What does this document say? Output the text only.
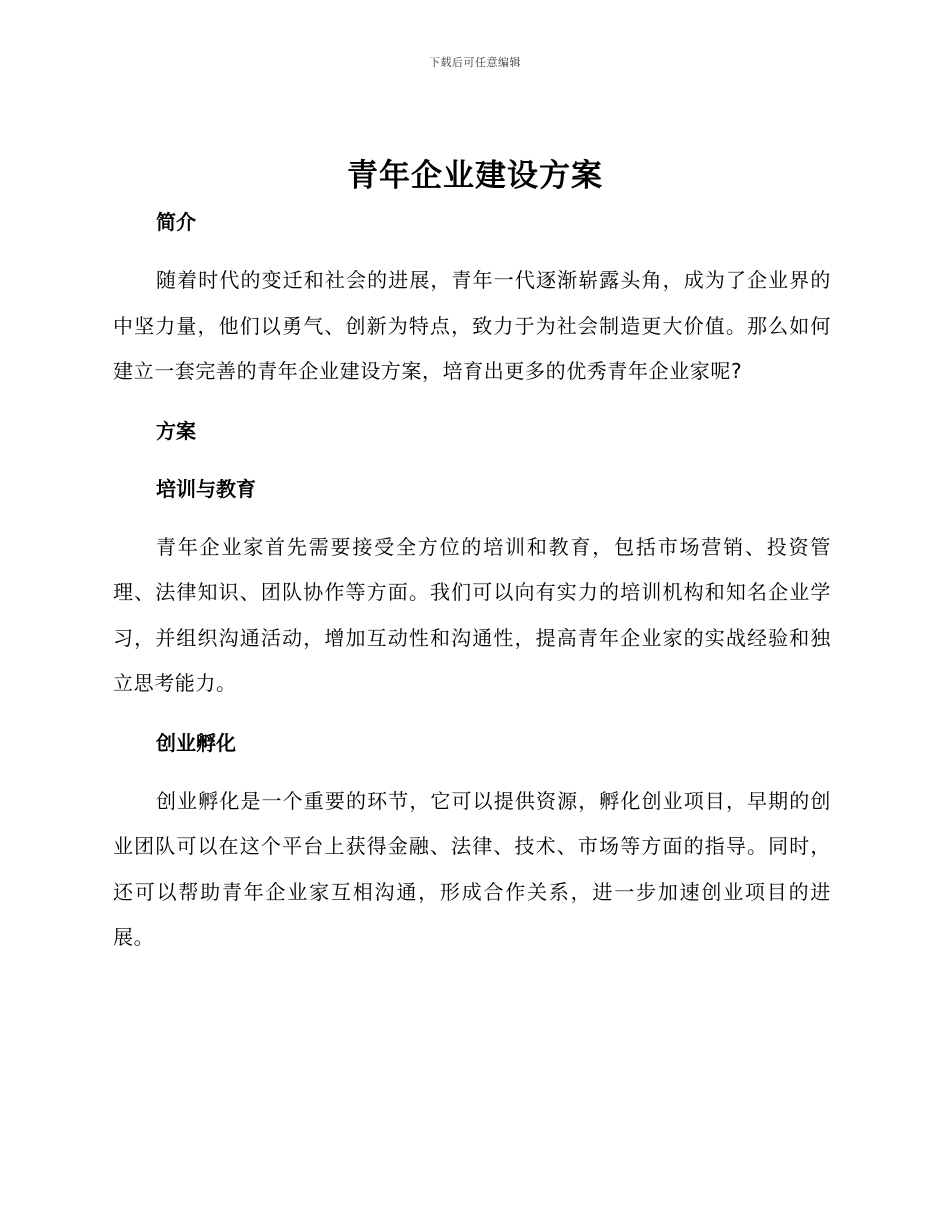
下载后可任意编辑
青年企业建设方案
简介

随着时代的变迁和社会的进展，青年一代逐渐崭露头角，成为了企业界的中坚力量，他们以勇气、创新为特点，致力于为社会制造更大价值。那么如何建立一套完善的青年企业建设方案，培育出更多的优秀青年企业家呢?

方案
培训与教育

青年企业家首先需要接受全方位的培训和教育，包括市场营销、投资管理、法律知识、团队协作等方面。我们可以向有实力的培训机构和知名企业学习，并组织沟通活动，增加互动性和沟通性，提高青年企业家的实战经验和独立思考能力。

创业孵化

创业孵化是一个重要的环节，它可以提供资源，孵化创业项目，早期的创业团队可以在这个平台上获得金融、法律、技术、市场等方面的指导。同时，还可以帮助青年企业家互相沟通，形成合作关系，进一步加速创业项目的进展。
